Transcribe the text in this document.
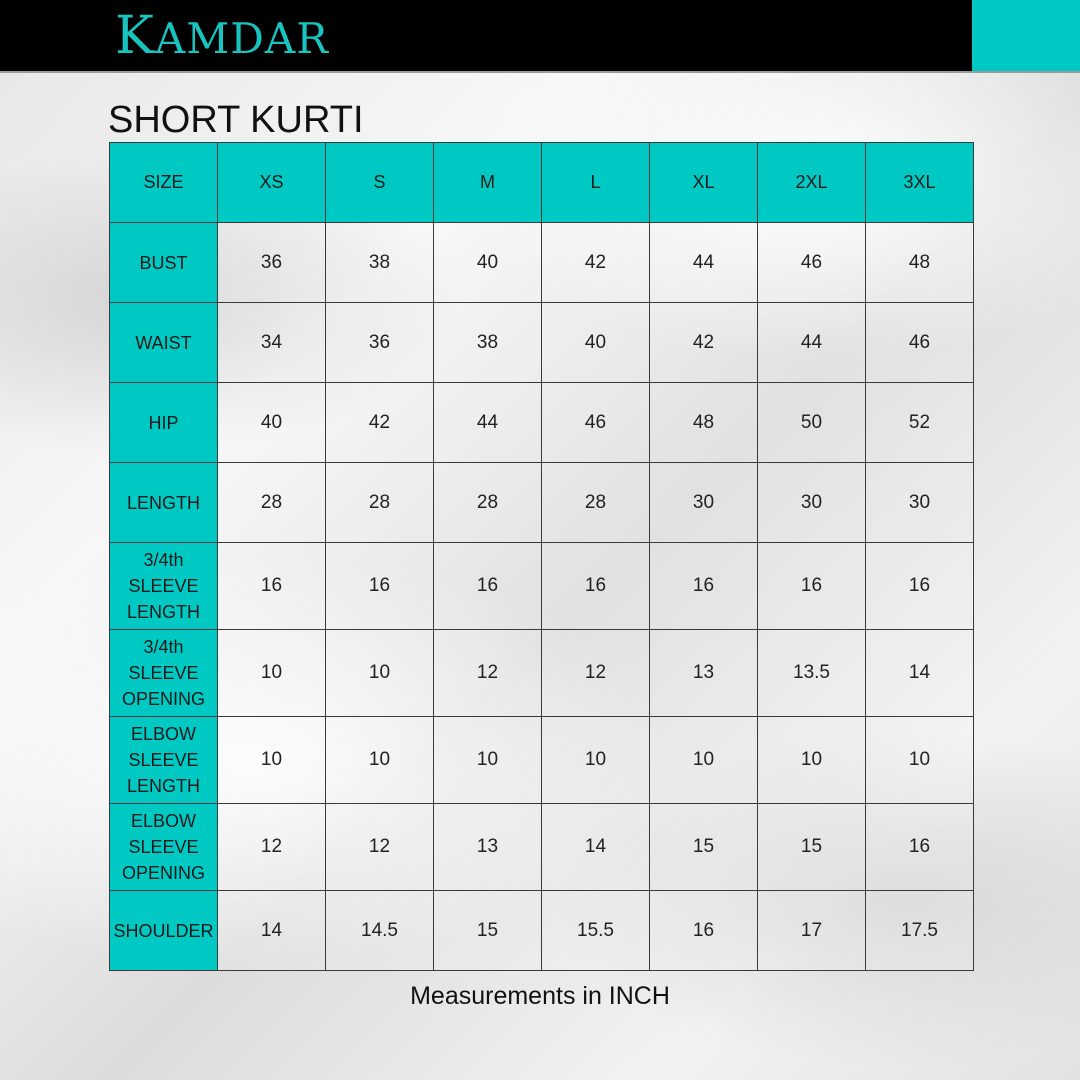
KAMDAR
SHORT KURTI
SIZE	XS	S	M	L	XL	2XL	3XL

BUST	36	38	40	42	44	46	48

WAIST	34	36	38	40	42	44	46

HIP	40	42	44	46	48	50	52

LENGTH	28	28	28	28	30	30	30

3/4th
SLEEVE
LENGTH	16	16	16	16	16	16	16

3/4th
SLEEVE
OPENING	10	10	12	12	13	13.5	14

ELBOW
SLEEVE
LENGTH	10	10	10	10	10	10	10

ELBOW
SLEEVE
OPENING	12	12	13	14	15	15	16

SHOULDER	14	14.5	15	15.5	16	17	17.5
Measurements in INCH
